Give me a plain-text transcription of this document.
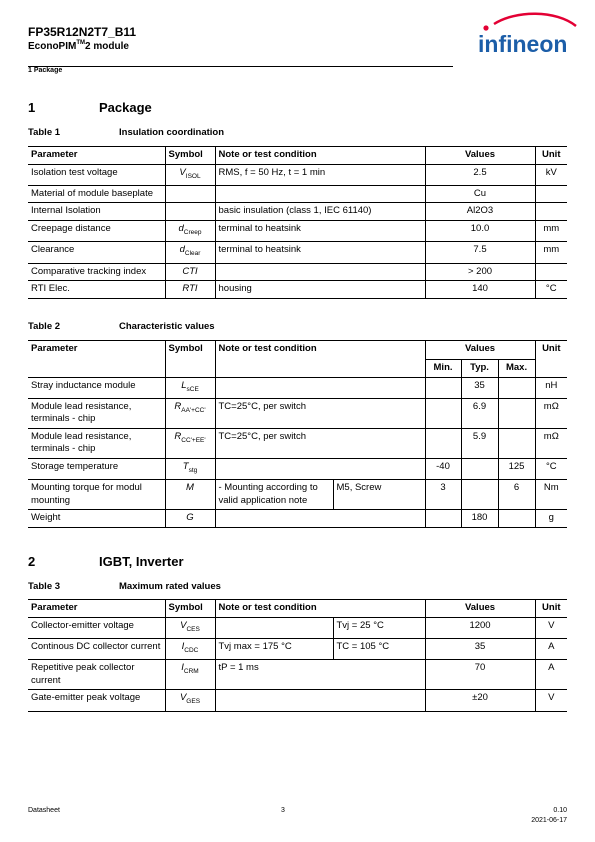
FP35R12N2T7_B11
EconoPIM™2 module
1 Package
infineon
1	Package
Table 1	Insulation coordination
Parameter	Symbol	Note or test condition	Values	Unit
Isolation test voltage	$V_{ISOL}$	RMS, f = 50 Hz, t = 1 min	2.5	kV
Material of module baseplate			Cu	
Internal Isolation		basic insulation (class 1, IEC 61140)	Al2O3	
Creepage distance	$d_{Creep}$	terminal to heatsink	10.0	mm
Clearance	$d_{Clear}$	terminal to heatsink	7.5	mm
Comparative tracking index	CTI		> 200	
RTI Elec.	RTI	housing	140	°C
Table 2	Characteristic values
Parameter	Symbol	Note or test condition		Values			Unit
				Min.	Typ.	Max.	
Stray inductance module	$L_{sCE}$				35		nH
Module lead resistance, terminals - chip	$R_{AA'+CC'}$	TC=25°C, per switch			6.9		mΩ
Module lead resistance, terminals - chip	$R_{CC'+EE'}$	TC=25°C, per switch			5.9		mΩ
Storage temperature	$T_{stg}$			-40		125	°C
Mounting torque for modul mounting	M	- Mounting according to valid application note	M5, Screw	3		6	Nm
Weight	G				180		g
2	IGBT, Inverter
Table 3	Maximum rated values
Parameter	Symbol	Note or test condition		Values	Unit
Collector-emitter voltage	$V_{CES}$		Tvj = 25 °C	1200	V
Continous DC collector current	$I_{CDC}$	Tvj max = 175 °C	TC = 105 °C	35	A
Repetitive peak collector current	$I_{CRM}$	tP = 1 ms		70	A
Gate-emitter peak voltage	$V_{GES}$			±20	V
Datasheet	3	0.10
2021-06-17
